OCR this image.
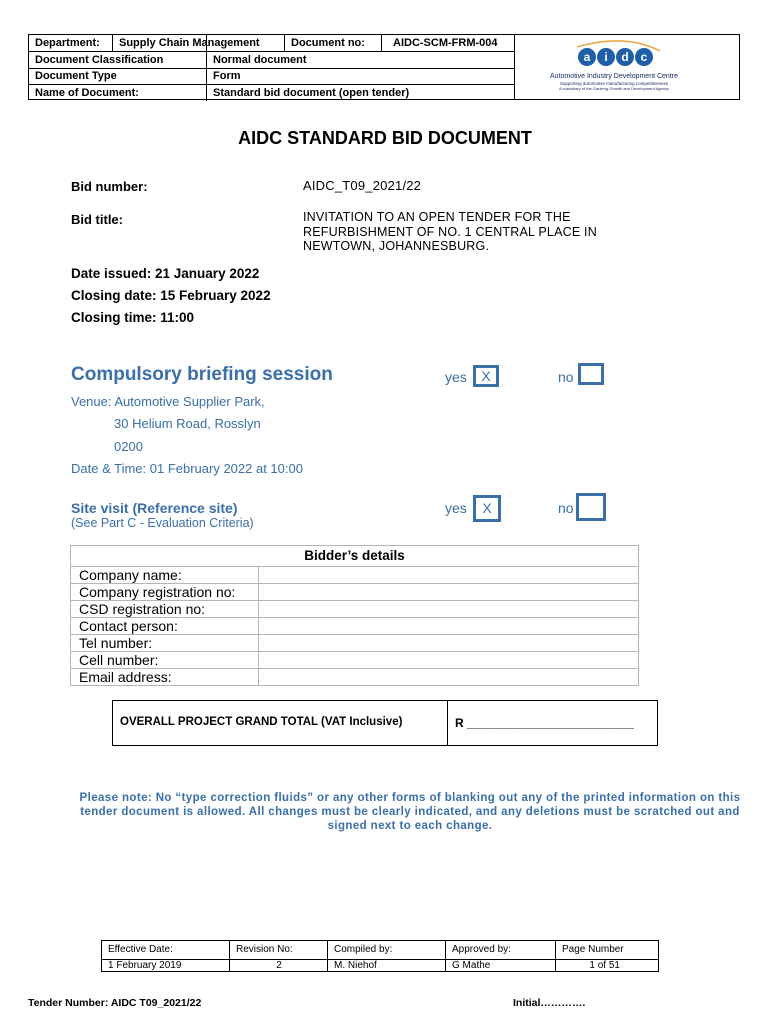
Department:	Supply Chain Management	Document no:	AIDC-SCM-FRM-004
Document Classification	Normal document
Document Type	Form
Name of Document:	Standard bid document (open tender)
a i d c
Automotive Industry Development Centre
Supporting automotive manufacturing competitiveness
A subsidiary of the Gauteng Growth and Development Agency
AIDC STANDARD BID DOCUMENT
Bid number:	AIDC_T09_2021/22
Bid title:	INVITATION TO AN OPEN TENDER FOR THE
REFURBISHMENT OF NO. 1 CENTRAL PLACE IN
NEWTOWN, JOHANNESBURG.
Date issued: 21 January 2022
Closing date: 15 February 2022
Closing time: 11:00
Compulsory briefing session	yes	X	no
Venue: Automotive Supplier Park,
30 Helium Road, Rosslyn
0200
Date & Time: 01 February 2022 at 10:00
Site visit (Reference site)
(See Part C - Evaluation Criteria)
yes	X	no
Bidder’s details
Company name:
Company registration no:
CSD registration no:
Contact person:
Tel number:
Cell number:
Email address:
OVERALL PROJECT GRAND TOTAL (VAT Inclusive)	R _________________________
Please note: No “type correction fluids” or any other forms of blanking out any of the printed information on this tender document is allowed. All changes must be clearly indicated, and any deletions must be scratched out and signed next to each change.
Effective Date:	Revision No:	Compiled by:	Approved by:	Page Number
1 February 2019	2	M. Niehof	G Mathe	1 of 51
Tender Number: AIDC T09_2021/22	Initial………….
